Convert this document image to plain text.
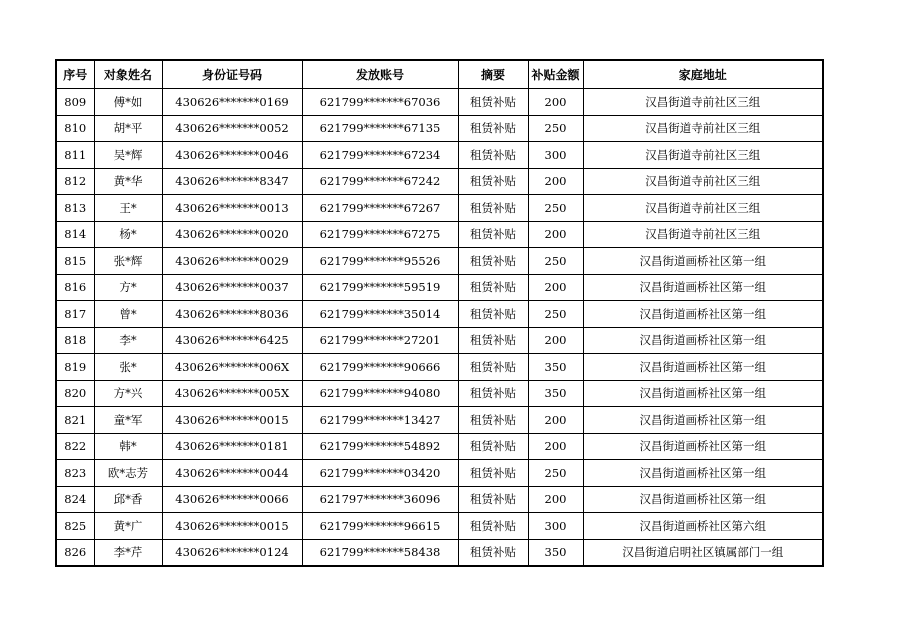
序号	对象姓名	身份证号码	发放账号	摘要	补贴金额	家庭地址
809	傅*如	430626*******0169	621799*******67036	租赁补贴	200	汉昌街道寺前社区三组
810	胡*平	430626*******0052	621799*******67135	租赁补贴	250	汉昌街道寺前社区三组
811	吴*辉	430626*******0046	621799*******67234	租赁补贴	300	汉昌街道寺前社区三组
812	黄*华	430626*******8347	621799*******67242	租赁补贴	200	汉昌街道寺前社区三组
813	王*	430626*******0013	621799*******67267	租赁补贴	250	汉昌街道寺前社区三组
814	杨*	430626*******0020	621799*******67275	租赁补贴	200	汉昌街道寺前社区三组
815	张*辉	430626*******0029	621799*******95526	租赁补贴	250	汉昌街道画桥社区第一组
816	方*	430626*******0037	621799*******59519	租赁补贴	200	汉昌街道画桥社区第一组
817	曾*	430626*******8036	621799*******35014	租赁补贴	250	汉昌街道画桥社区第一组
818	李*	430626*******6425	621799*******27201	租赁补贴	200	汉昌街道画桥社区第一组
819	张*	430626*******006X	621799*******90666	租赁补贴	350	汉昌街道画桥社区第一组
820	方*兴	430626*******005X	621799*******94080	租赁补贴	350	汉昌街道画桥社区第一组
821	童*军	430626*******0015	621799*******13427	租赁补贴	200	汉昌街道画桥社区第一组
822	韩*	430626*******0181	621799*******54892	租赁补贴	200	汉昌街道画桥社区第一组
823	欧*志芳	430626*******0044	621799*******03420	租赁补贴	250	汉昌街道画桥社区第一组
824	邱*香	430626*******0066	621797*******36096	租赁补贴	200	汉昌街道画桥社区第一组
825	黄*广	430626*******0015	621799*******96615	租赁补贴	300	汉昌街道画桥社区第六组
826	李*芹	430626*******0124	621799*******58438	租赁补贴	350	汉昌街道启明社区镇属部门一组
